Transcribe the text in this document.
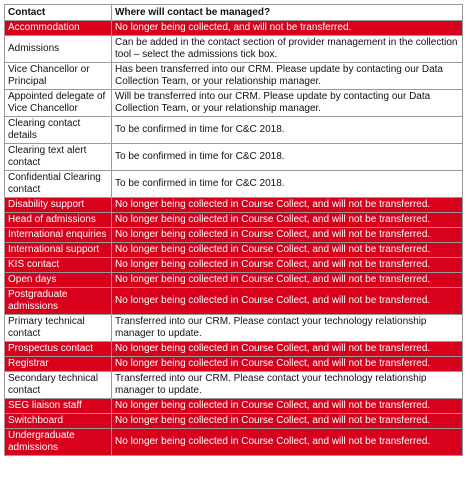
Contact	Where will contact be managed?
Accommodation	No longer being collected, and will not be transferred.
Admissions	Can be added in the contact section of provider management in the collection tool – select the admissions tick box.
Vice Chancellor or Principal	Has been transferred into our CRM. Please update by contacting our Data Collection Team, or your relationship manager.
Appointed delegate of Vice Chancellor	Will be transferred into our CRM. Please update by contacting our Data Collection Team, or your relationship manager.
Clearing contact details	To be confirmed in time for C&C 2018.
Clearing text alert contact	To be confirmed in time for C&C 2018.
Confidential Clearing contact	To be confirmed in time for C&C 2018.
Disability support	No longer being collected in Course Collect, and will not be transferred.
Head of admissions	No longer being collected in Course Collect, and will not be transferred.
International enquiries	No longer being collected in Course Collect, and will not be transferred.
International support	No longer being collected in Course Collect, and will not be transferred.
KIS contact	No longer being collected in Course Collect, and will not be transferred.
Open days	No longer being collected in Course Collect, and will not be transferred.
Postgraduate admissions	No longer being collected in Course Collect, and will not be transferred.
Primary technical contact	Transferred into our CRM. Please contact your technology relationship manager to update.
Prospectus contact	No longer being collected in Course Collect, and will not be transferred.
Registrar	No longer being collected in Course Collect, and will not be transferred.
Secondary technical contact	Transferred into our CRM. Please contact your technology relationship manager to update.
SEG liaison staff	No longer being collected in Course Collect, and will not be transferred.
Switchboard	No longer being collected in Course Collect, and will not be transferred.
Undergraduate admissions	No longer being collected in Course Collect, and will not be transferred.
